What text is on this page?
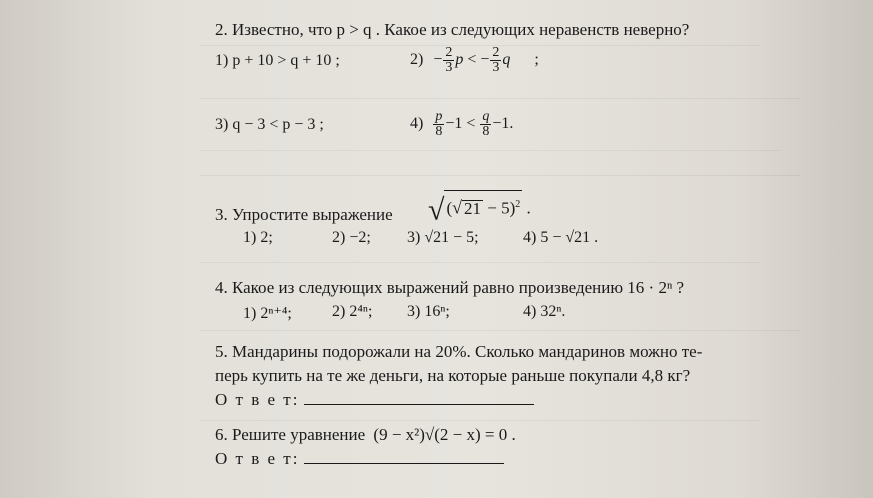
2. Известно, что p > q . Какое из следующих неравенств неверно?
1) p + 10 > q + 10 ;	$2) - \frac{2}{3}$ p < − $\frac{2}{3}$ q ;
3) q − 3 < p − 3 ;	$4) \frac{p}{8} -1 < \frac{q}{8} -1$.
3. Упростите выражение √ (√ 21 − 5)$^2$ .
1) 2;	2) −2; 3) √21 − 5;	4) 5 − √21 .
4. Какое из следующих выражений равно произведению 16 · 2ⁿ ?
1) 2ⁿ⁺⁴;	2) 2⁴ⁿ; 3) 16ⁿ;	4) 32ⁿ.
5. Мандарины подорожали на 20%. Сколько мандаринов можно те-
перь купить на те же деньги, на которые раньше покупали 4,8 кг?
О т в е т:
6. Решите уравнение (9 − x²)√(2 − x) = 0 .
О т в е т:
